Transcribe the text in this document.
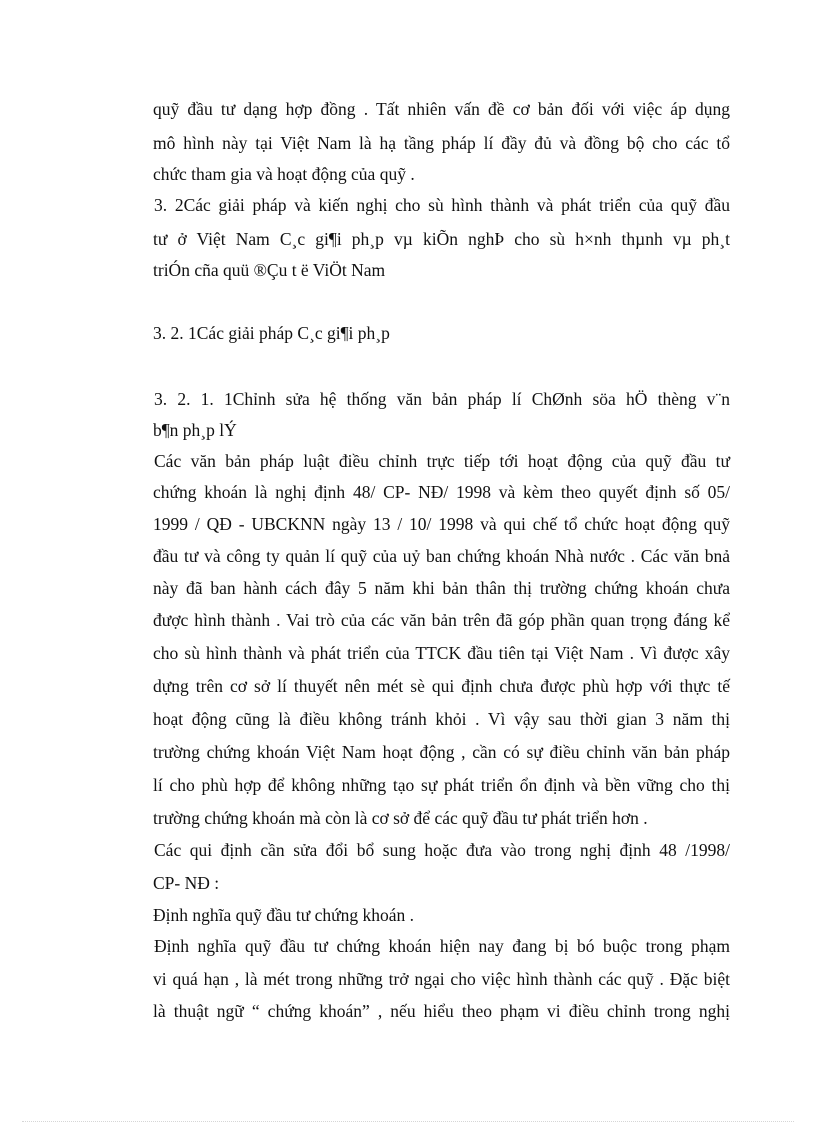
quỹ đầu tư dạng hợp đồng . Tất nhiên vấn đề cơ bản đối với việc áp dụng
mô hình này tại Việt Nam là hạ tầng pháp lí đầy đủ và đồng bộ cho các tổ
chức tham gia và hoạt động của quỹ .
3. 2Các giải pháp và kiến nghị cho sù hình thành và phát triển của quỹ đầu
tư ở Việt Nam C¸c gi¶i ph¸p vµ kiÕn nghÞ cho sù h×nh thµnh vµ ph¸t
triÓn cña quü ®Çu t ë ViÖt Nam
3. 2. 1Các giải pháp C¸c gi¶i ph¸p
3. 2. 1. 1Chỉnh sửa hệ thống văn bản pháp lí ChØnh söa hÖ thèng v¨n
b¶n ph¸p lÝ
Các văn bản pháp luật điều chỉnh trực tiếp tới hoạt động của quỹ đầu tư
chứng khoán là nghị định 48/ CP- NĐ/ 1998 và kèm theo quyết định số 05/
1999 / QĐ - UBCKNN ngày 13 / 10/ 1998 và qui chế tổ chức hoạt động quỹ
đầu tư và công ty quản lí quỹ của uỷ ban chứng khoán Nhà nước . Các văn bnả
này đã ban hành cách đây 5 năm khi bản thân thị trường chứng khoán chưa
được hình thành . Vai trò của các văn bản trên đã góp phần quan trọng đáng kể
cho sù hình thành và phát triển của TTCK đầu tiên tại Việt Nam . Vì được xây
dựng trên cơ sở lí thuyết nên mét sè qui định chưa được phù hợp với thực tế
hoạt động cũng là điều không tránh khỏi . Vì vậy sau thời gian 3 năm thị
trường chứng khoán Việt Nam hoạt động , cần có sự điều chỉnh văn bản pháp
lí cho phù hợp để không những tạo sự phát triển ổn định và bền vững cho thị
trường chứng khoán mà còn là cơ sở để các quỹ đầu tư phát triển hơn .
Các qui định cần sửa đổi bổ sung hoặc đưa vào trong nghị định 48 /1998/
CP- NĐ :
Định nghĩa quỹ đầu tư chứng khoán .
Định nghĩa quỹ đầu tư chứng khoán hiện nay đang bị bó buộc trong phạm
vi quá hạn , là mét trong những trở ngại cho việc hình thành các quỹ . Đặc biệt
là thuật ngữ “ chứng khoán” , nếu hiểu theo phạm vi điều chỉnh trong nghị
